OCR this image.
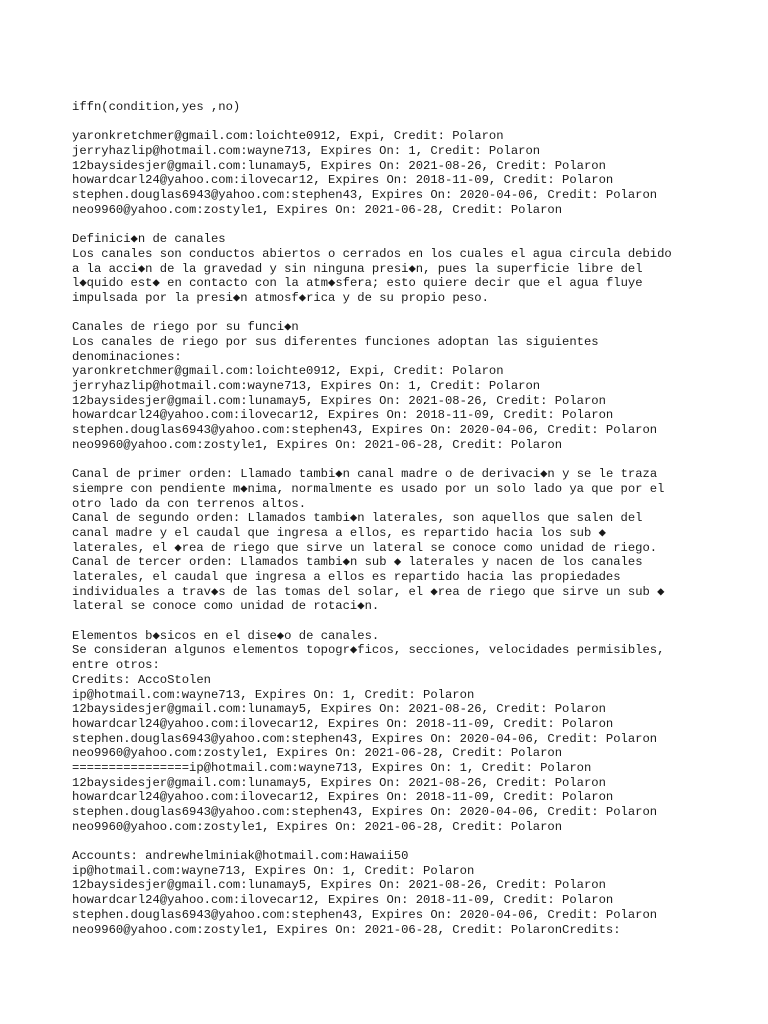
iffn(condition,yes ,no)
yaronkretchmer@gmail.com:loichte0912, Expi, Credit: Polaron
jerryhazlip@hotmail.com:wayne713, Expires On: 1, Credit: Polaron
12baysidesjer@gmail.com:lunamay5, Expires On: 2021-08-26, Credit: Polaron
howardcarl24@yahoo.com:ilovecar12, Expires On: 2018-11-09, Credit: Polaron
stephen.douglas6943@yahoo.com:stephen43, Expires On: 2020-04-06, Credit: Polaron
neo9960@yahoo.com:zostyle1, Expires On: 2021-06-28, Credit: Polaron
Definici◆n de canales
Los canales son conductos abiertos o cerrados en los cuales el agua circula debido
a la acci◆n de la gravedad y sin ninguna presi◆n, pues la superficie libre del
l◆quido est◆ en contacto con la atm◆sfera; esto quiere decir que el agua fluye
impulsada por la presi◆n atmosf◆rica y de su propio peso.
Canales de riego por su funci◆n
Los canales de riego por sus diferentes funciones adoptan las siguientes
denominaciones:
yaronkretchmer@gmail.com:loichte0912, Expi, Credit: Polaron
jerryhazlip@hotmail.com:wayne713, Expires On: 1, Credit: Polaron
12baysidesjer@gmail.com:lunamay5, Expires On: 2021-08-26, Credit: Polaron
howardcarl24@yahoo.com:ilovecar12, Expires On: 2018-11-09, Credit: Polaron
stephen.douglas6943@yahoo.com:stephen43, Expires On: 2020-04-06, Credit: Polaron
neo9960@yahoo.com:zostyle1, Expires On: 2021-06-28, Credit: Polaron
Canal de primer orden: Llamado tambi◆n canal madre o de derivaci◆n y se le traza
siempre con pendiente m◆nima, normalmente es usado por un solo lado ya que por el
otro lado da con terrenos altos.
Canal de segundo orden: Llamados tambi◆n laterales, son aquellos que salen del
canal madre y el caudal que ingresa a ellos, es repartido hacia los sub ◆
laterales, el ◆rea de riego que sirve un lateral se conoce como unidad de riego.
Canal de tercer orden: Llamados tambi◆n sub ◆ laterales y nacen de los canales
laterales, el caudal que ingresa a ellos es repartido hacia las propiedades
individuales a trav◆s de las tomas del solar, el ◆rea de riego que sirve un sub ◆
lateral se conoce como unidad de rotaci◆n.
Elementos b◆sicos en el dise◆o de canales.
Se consideran algunos elementos topogr◆ficos, secciones, velocidades permisibles,
entre otros:
Credits: AccoStolen
ip@hotmail.com:wayne713, Expires On: 1, Credit: Polaron
12baysidesjer@gmail.com:lunamay5, Expires On: 2021-08-26, Credit: Polaron
howardcarl24@yahoo.com:ilovecar12, Expires On: 2018-11-09, Credit: Polaron
stephen.douglas6943@yahoo.com:stephen43, Expires On: 2020-04-06, Credit: Polaron
neo9960@yahoo.com:zostyle1, Expires On: 2021-06-28, Credit: Polaron
================ip@hotmail.com:wayne713, Expires On: 1, Credit: Polaron
12baysidesjer@gmail.com:lunamay5, Expires On: 2021-08-26, Credit: Polaron
howardcarl24@yahoo.com:ilovecar12, Expires On: 2018-11-09, Credit: Polaron
stephen.douglas6943@yahoo.com:stephen43, Expires On: 2020-04-06, Credit: Polaron
neo9960@yahoo.com:zostyle1, Expires On: 2021-06-28, Credit: Polaron
Accounts: andrewhelminiak@hotmail.com:Hawaii50
ip@hotmail.com:wayne713, Expires On: 1, Credit: Polaron
12baysidesjer@gmail.com:lunamay5, Expires On: 2021-08-26, Credit: Polaron
howardcarl24@yahoo.com:ilovecar12, Expires On: 2018-11-09, Credit: Polaron
stephen.douglas6943@yahoo.com:stephen43, Expires On: 2020-04-06, Credit: Polaron
neo9960@yahoo.com:zostyle1, Expires On: 2021-06-28, Credit: PolaronCredits:
